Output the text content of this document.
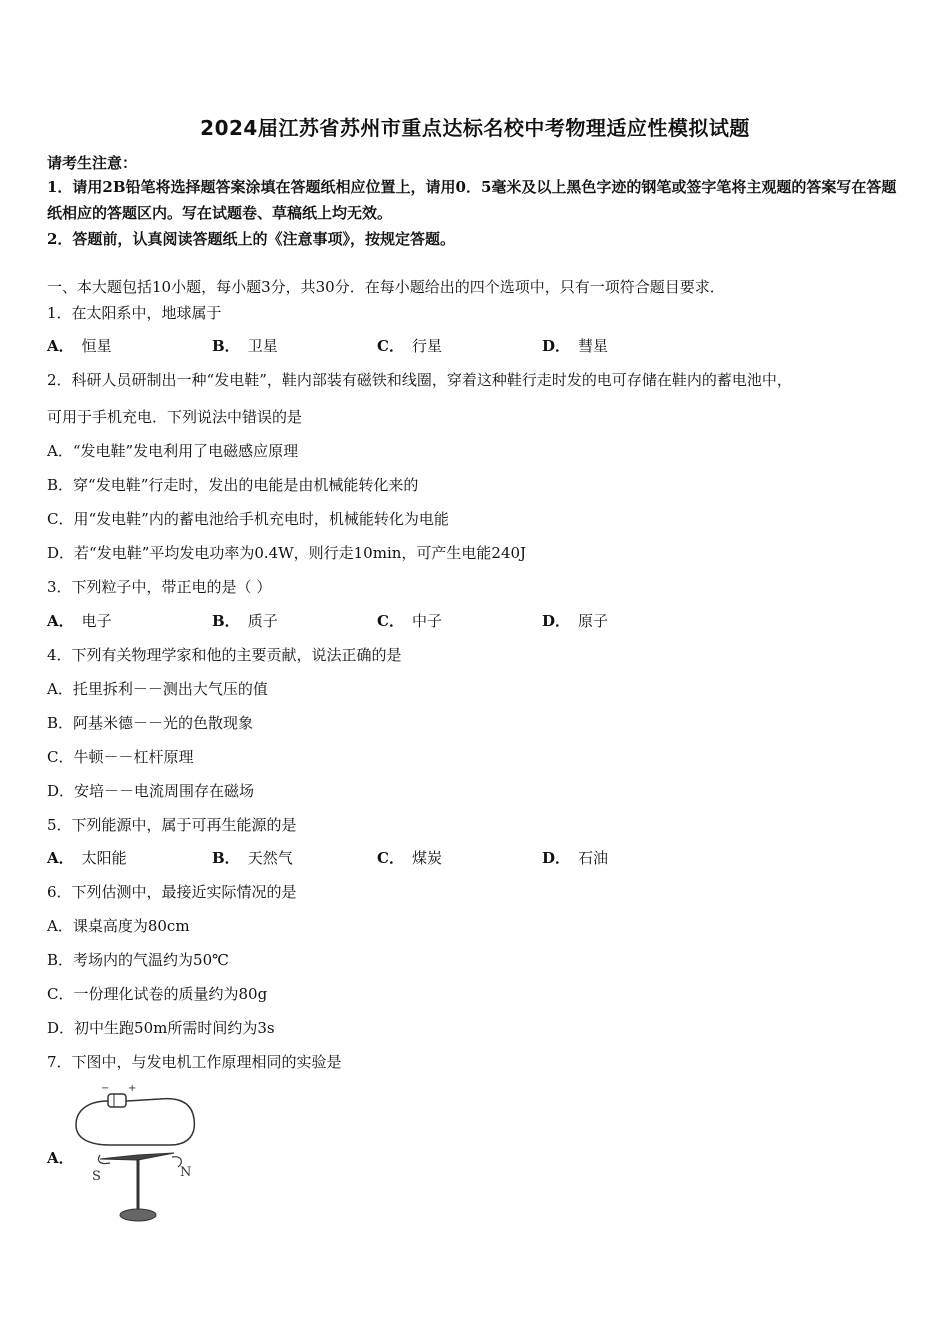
2024届江苏省苏州市重点达标名校中考物理适应性模拟试题
请考生注意：
1．请用2B铅笔将选择题答案涂填在答题纸相应位置上，请用0．5毫米及以上黑色字迹的钢笔或签字笔将主观题的答案写在答题纸相应的答题区内。写在试题卷、草稿纸上均无效。
2．答题前，认真阅读答题纸上的《注意事项》，按规定答题。
一、本大题包括10小题，每小题3分，共30分．在每小题给出的四个选项中，只有一项符合题目要求．
1．在太阳系中，地球属于
A． 恒星	B． 卫星	C． 行星	D． 彗星
2．科研人员研制出一种“发电鞋”，鞋内部装有磁铁和线圈，穿着这种鞋行走时发的电可存储在鞋内的蓄电池中，
可用于手机充电．下列说法中错误的是
A．“发电鞋”发电利用了电磁感应原理
B．穿“发电鞋”行走时，发出的电能是由机械能转化来的
C．用“发电鞋”内的蓄电池给手机充电时，机械能转化为电能
D．若“发电鞋”平均发电功率为0.4W，则行走10min，可产生电能240J
3．下列粒子中，带正电的是（ ）
A． 电子	B． 质子	C． 中子	D． 原子
4．下列有关物理学家和他的主要贡献，说法正确的是
A．托里拆利－－测出大气压的值
B．阿基米德－－光的色散现象
C．牛顿－－杠杆原理
D．安培－－电流周围存在磁场
5．下列能源中，属于可再生能源的是
A． 太阳能	B． 天然气	C． 煤炭	D． 石油
6．下列估测中，最接近实际情况的是
A．课桌高度为80cm
B．考场内的气温约为50℃
C．一份理化试卷的质量约为80g
D．初中生跑50m所需时间约为3s
7．下图中，与发电机工作原理相同的实验是
A．
− +
S	N
